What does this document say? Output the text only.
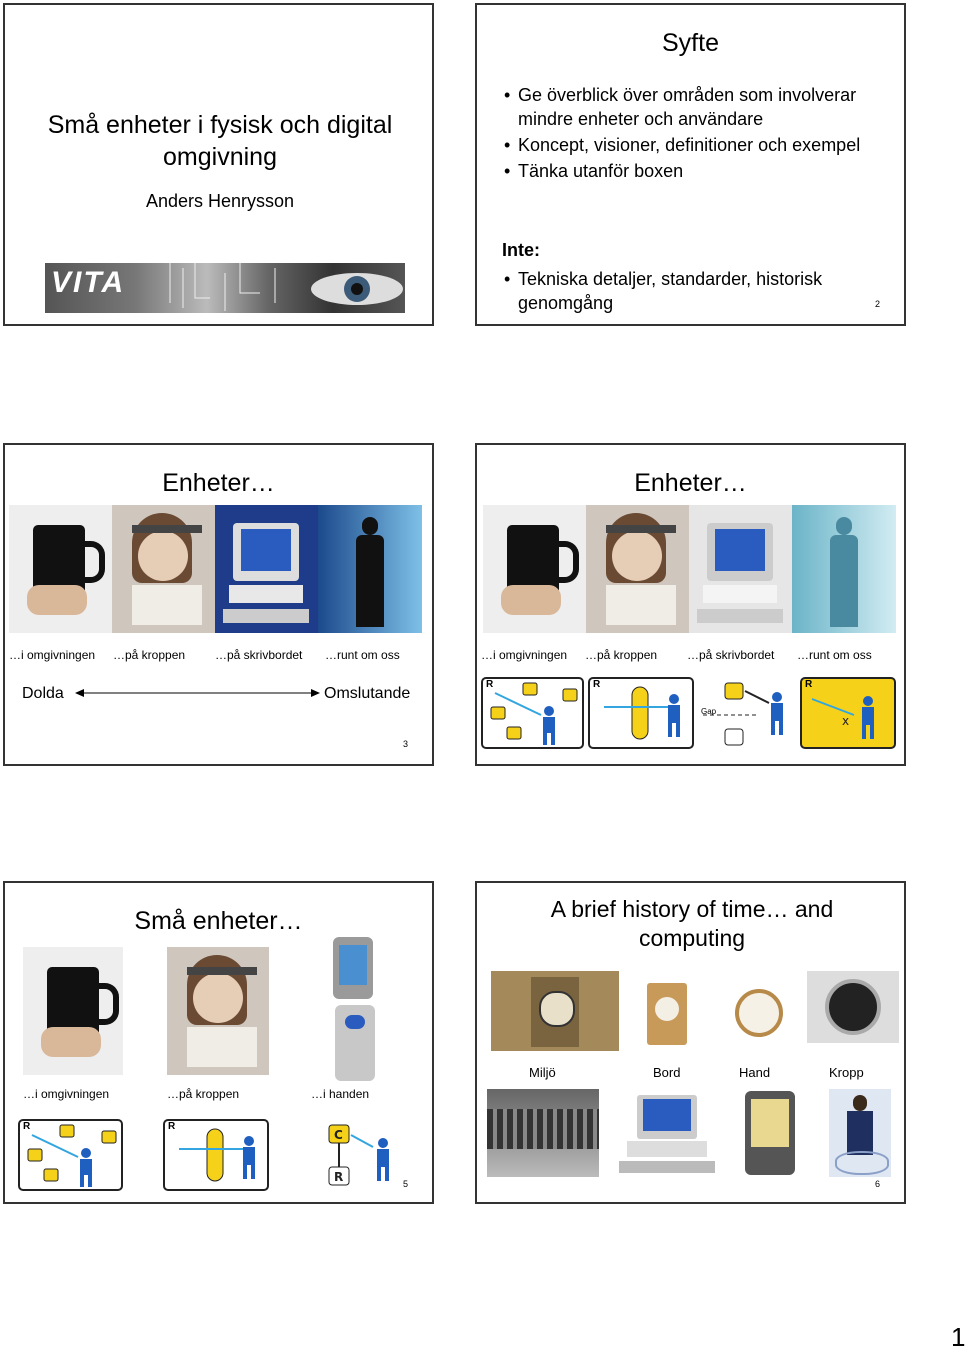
Små enheter i fysisk och digital omgivning
Anders Henrysson
VITA
Syfte
• Ge överblick över områden som involverar mindre enheter och användare
• Koncept, visioner, definitioner och exempel
• Tänka utanför boxen
Inte:
• Tekniska detaljer, standarder, historisk genomgång	2
Enheter…
…i omgivningen …på kroppen …på skrivbordet …runt om oss
Dolda	Omslutande
3
Enheter…
…i omgivningen …på kroppen …på skrivbordet …runt om oss
R	R
Gap
R
x
Små enheter…
…i omgivningen	…på kroppen	…i handen
R	R
C
R	5
A brief history of time… and computing
Miljö	Bord	Hand	Kropp
6
1
